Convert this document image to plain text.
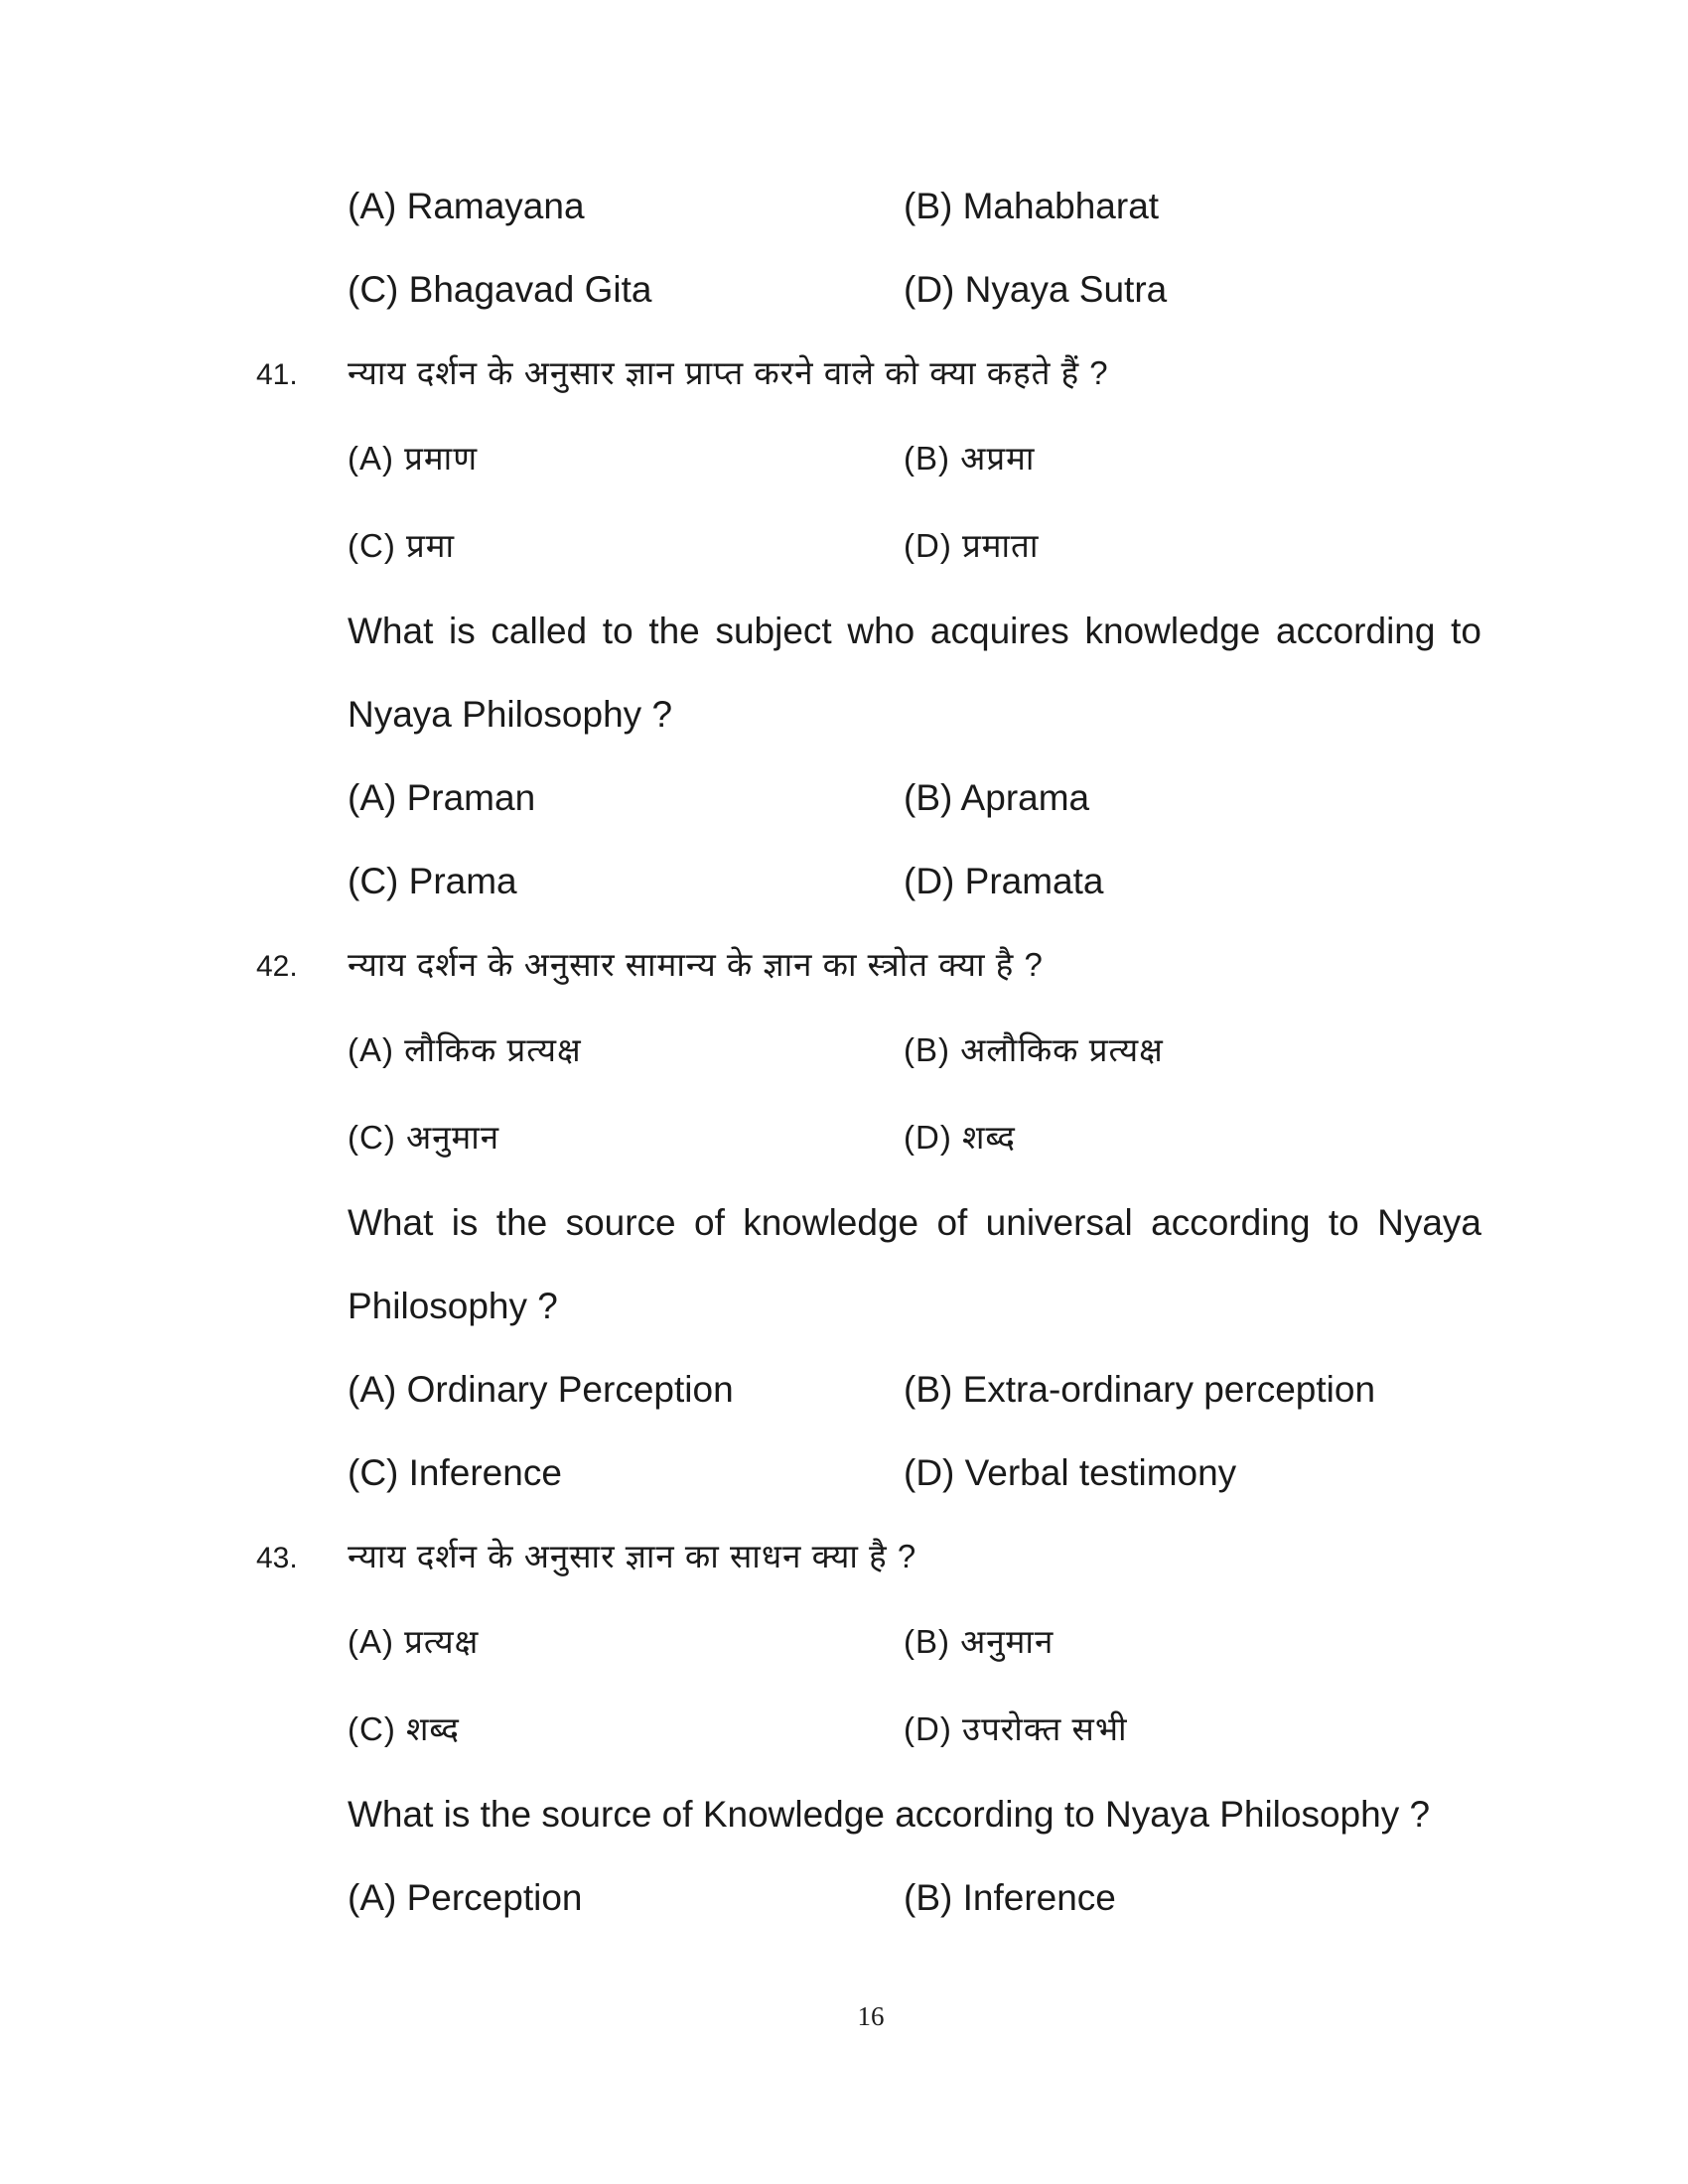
(A) Ramayana	(B) Mahabharat
(C) Bhagavad Gita	(D) Nyaya Sutra
41. न्याय दर्शन के अनुसार ज्ञान प्राप्त करने वाले को क्या कहते हैं ?
(A) प्रमाण	(B) अप्रमा
(C) प्रमा	(D) प्रमाता
What is called to the subject who acquires knowledge according to
Nyaya Philosophy ?
(A) Praman	(B) Aprama
(C) Prama	(D) Pramata
42. न्याय दर्शन के अनुसार सामान्य के ज्ञान का स्त्रोत क्या है ?
(A) लौकिक प्रत्यक्ष	(B) अलौकिक प्रत्यक्ष
(C) अनुमान	(D) शब्द
What is the source of knowledge of universal according to Nyaya
Philosophy ?
(A) Ordinary Perception	(B) Extra-ordinary perception
(C) Inference	(D) Verbal testimony
43. न्याय दर्शन के अनुसार ज्ञान का साधन क्या है ?
(A) प्रत्यक्ष	(B) अनुमान
(C) शब्द	(D) उपरोक्त सभी
What is the source of Knowledge according to Nyaya Philosophy ?
(A) Perception	(B) Inference
16
